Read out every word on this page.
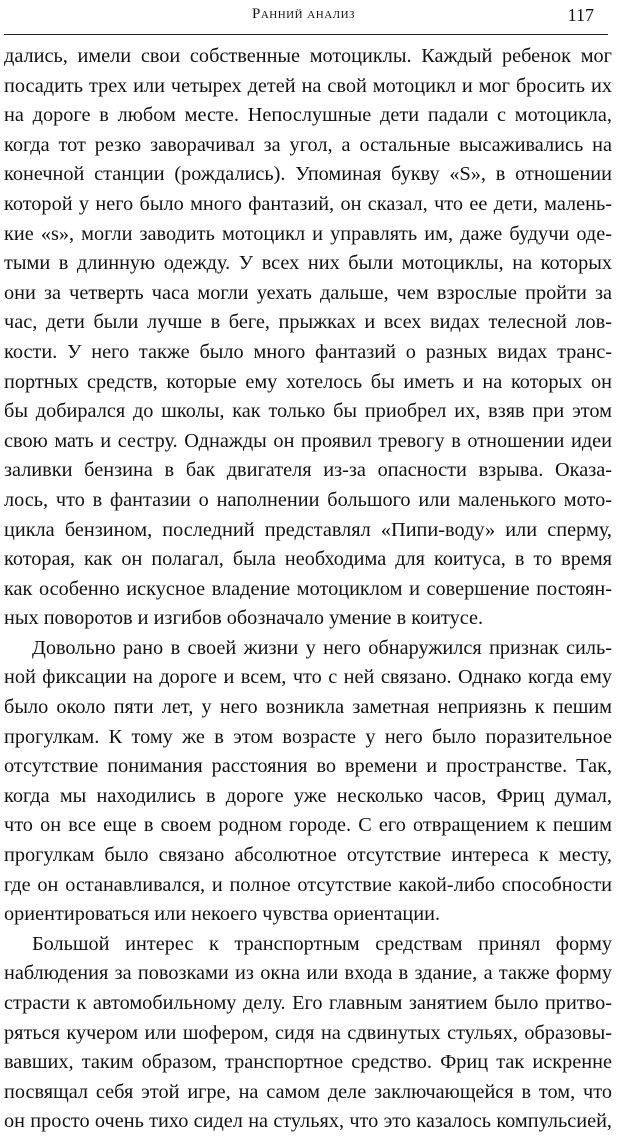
Ранний анализ	117
дались, имели свои собственные мотоциклы. Каждый ребенок мог
посадить трех или четырех детей на свой мотоцикл и мог бросить их
на дороге в любом месте. Непослушные дети падали с мотоцикла,
когда тот резко заворачивал за угол, а остальные высаживались на
конечной станции (рождались). Упоминая букву «S», в отношении
которой у него было много фантазий, он сказал, что ее дети, малень-
кие «s», могли заводить мотоцикл и управлять им, даже будучи оде-
тыми в длинную одежду. У всех них были мотоциклы, на которых
они за четверть часа могли уехать дальше, чем взрослые пройти за
час, дети были лучше в беге, прыжках и всех видах телесной лов-
кости. У него также было много фантазий о разных видах транс-
портных средств, которые ему хотелось бы иметь и на которых он
бы добирался до школы, как только бы приобрел их, взяв при этом
свою мать и сестру. Однажды он проявил тревогу в отношении идеи
заливки бензина в бак двигателя из-за опасности взрыва. Оказа-
лось, что в фантазии о наполнении большого или маленького мото-
цикла бензином, последний представлял «Пипи-воду» или сперму,
которая, как он полагал, была необходима для коитуса, в то время
как особенно искусное владение мотоциклом и совершение постоян-
ных поворотов и изгибов обозначало умение в коитусе.
Довольно рано в своей жизни у него обнаружился признак силь-
ной фиксации на дороге и всем, что с ней связано. Однако когда ему
было около пяти лет, у него возникла заметная неприязнь к пешим
прогулкам. К тому же в этом возрасте у него было поразительное
отсутствие понимания расстояния во времени и пространстве. Так,
когда мы находились в дороге уже несколько часов, Фриц думал,
что он все еще в своем родном городе. С его отвращением к пешим
прогулкам было связано абсолютное отсутствие интереса к месту,
где он останавливался, и полное отсутствие какой-либо способности
ориентироваться или некоего чувства ориентации.
Большой интерес к транспортным средствам принял форму
наблюдения за повозками из окна или входа в здание, а также форму
страсти к автомобильному делу. Его главным занятием было притво-
ряться кучером или шофером, сидя на сдвинутых стульях, образовы-
вавших, таким образом, транспортное средство. Фриц так искренне
посвящал себя этой игре, на самом деле заключающейся в том, что
он просто очень тихо сидел на стульях, что это казалось компульсией,
